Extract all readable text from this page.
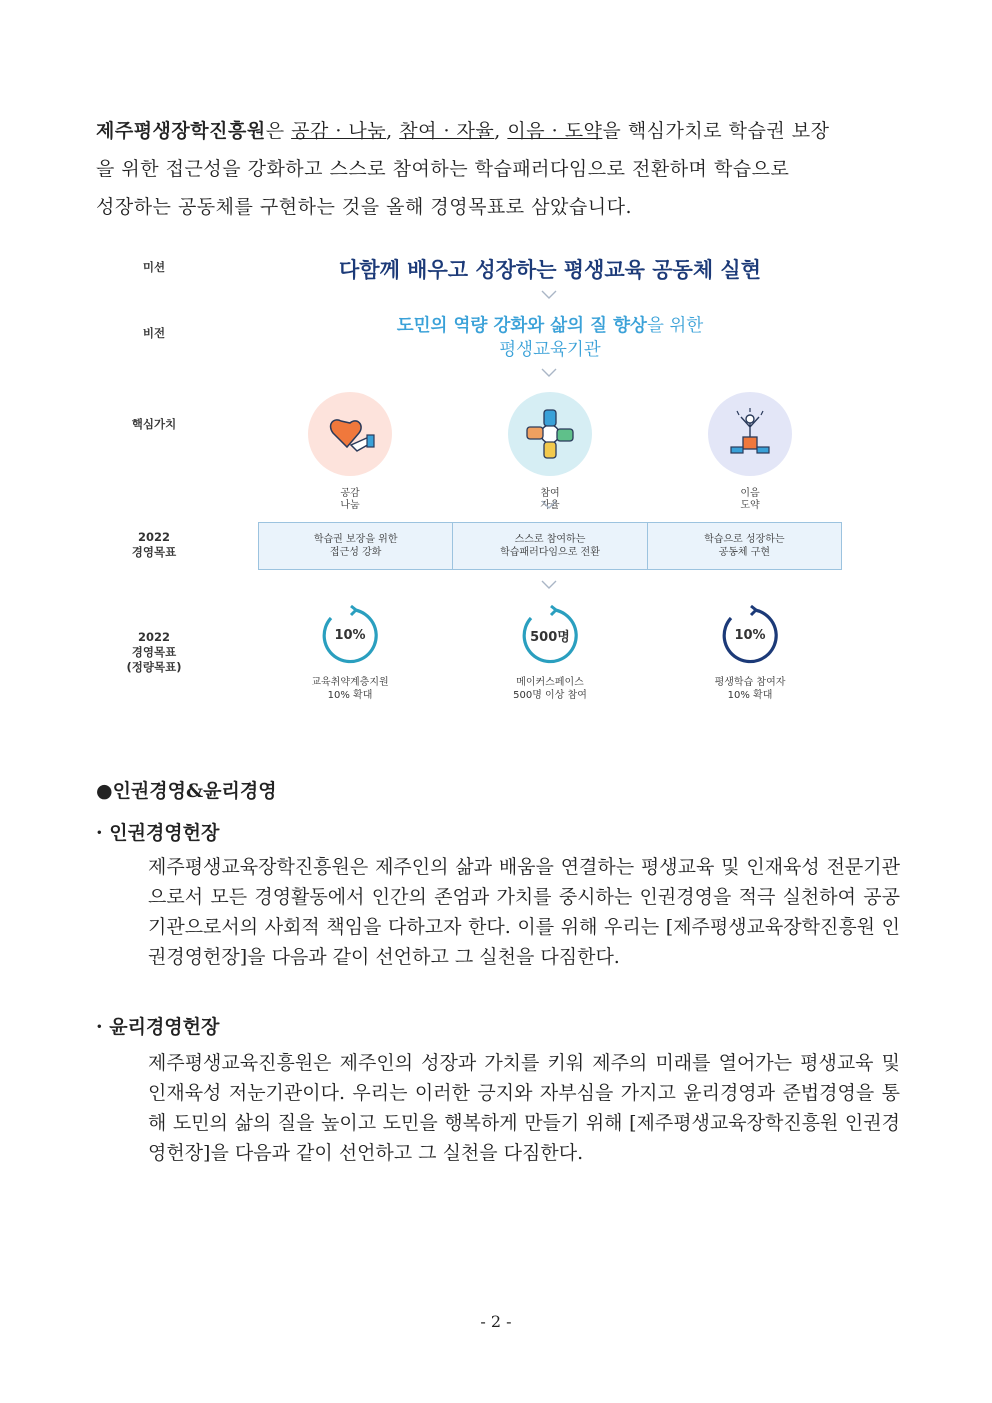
제주평생장학진흥원은 공감 · 나눔, 참여 · 자율, 이음 · 도약을 핵심가치로 학습권 보장
을 위한 접근성을 강화하고 스스로 참여하는 학습패러다임으로 전환하며 학습으로
성장하는 공동체를 구현하는 것을 올해 경영목표로 삼았습니다.
미션
비전
핵심가치
2022
경영목표
2022
경영목표
(정량목표)
다함께 배우고 성장하는 평생교육 공동체 실현
도민의 역량 강화와 삶의 질 향상을 위한
평생교육기관
공감
나눔
참여
자율
이음
도약
학습권 보장을 위한
접근성 강화
스스로 참여하는
학습패러다임으로 전환
학습으로 성장하는
공동체 구현
10%
교육취약계층지원
10% 확대
500명
메이커스페이스
500명 이상 참여
10%
평생학습 참여자
10% 확대
●인권경영&윤리경영
· 인권경영헌장
제주평생교육장학진흥원은 제주인의 삶과 배움을 연결하는 평생교육 및 인재육성 전문기관으로서 모든 경영활동에서 인간의 존엄과 가치를 중시하는 인권경영을 적극 실천하여 공공기관으로서의 사회적 책임을 다하고자 한다. 이를 위해 우리는 [제주평생교육장학진흥원 인권경영헌장]을 다음과 같이 선언하고 그 실천을 다짐한다.
· 윤리경영헌장
제주평생교육진흥원은 제주인의 성장과 가치를 키워 제주의 미래를 열어가는 평생교육 및 인재육성 저눈기관이다. 우리는 이러한 긍지와 자부심을 가지고 윤리경영과 준법경영을 통해 도민의 삶의 질을 높이고 도민을 행복하게 만들기 위해 [제주평생교육장학진흥원 인권경영헌장]을 다음과 같이 선언하고 그 실천을 다짐한다.
- 2 -
